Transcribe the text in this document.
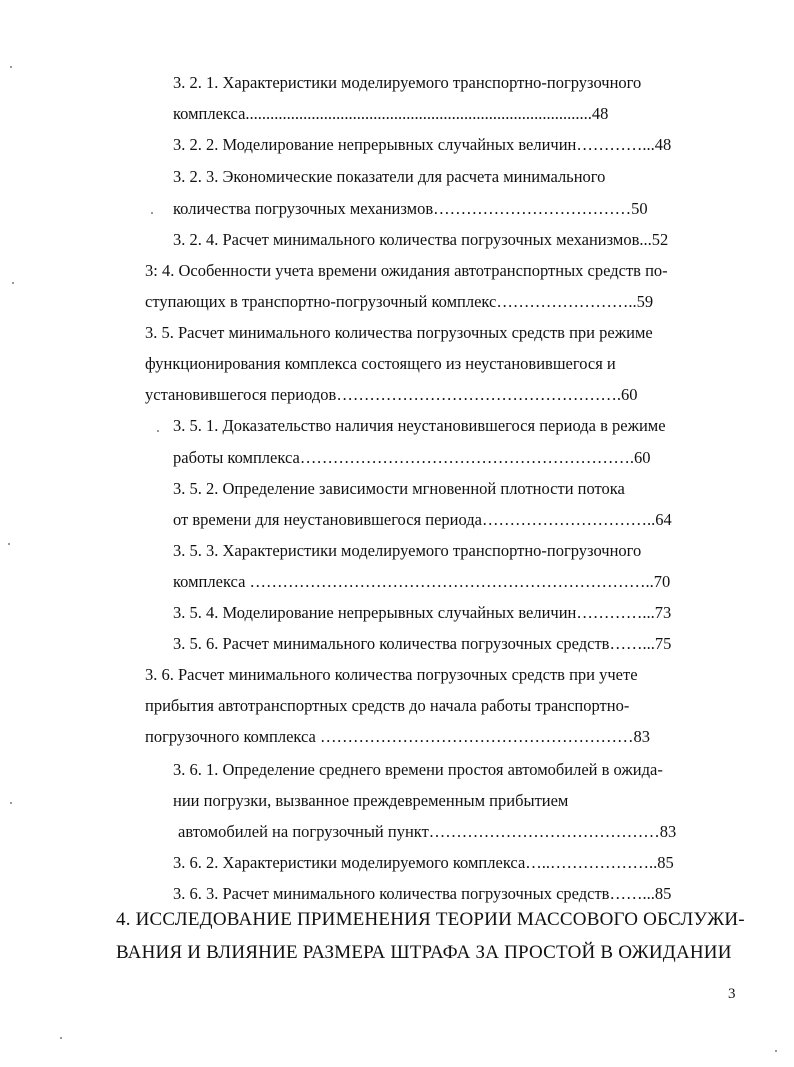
3. 2. 1. Характеристики моделируемого транспортно-погрузочного
комплекса....................................................................................48
3. 2. 2. Моделирование непрерывных случайных величин…………...48
3. 2. 3. Экономические показатели для расчета минимального
количества погрузочных механизмов………………………………50
3. 2. 4. Расчет минимального количества погрузочных механизмов...52
3: 4. Особенности учета времени ожидания автотранспортных средств по-
ступающих в транспортно-погрузочный комплекс……………………..59
3. 5. Расчет минимального количества погрузочных средств при режиме
функционирования комплекса состоящего из неустановившегося и
установившегося периодов…………………………………………….60
3. 5. 1. Доказательство наличия неустановившегося периода в режиме
работы комплекса…………………………………………………….60
3. 5. 2. Определение зависимости мгновенной плотности потока
от времени для неустановившегося периода…………………………..64
3. 5. 3. Характеристики моделируемого транспортно-погрузочного
комплекса ………………………………………………………………..70
3. 5. 4. Моделирование непрерывных случайных величин…………...73
3. 5. 6. Расчет минимального количества погрузочных средств……...75
3. 6. Расчет минимального количества погрузочных средств при учете
прибытия автотранспортных средств до начала работы транспортно-
погрузочного комплекса …………………………………………………83
3. 6. 1. Определение среднего времени простоя автомобилей в ожида-
нии погрузки, вызванное преждевременным прибытием
автомобилей на погрузочный пункт……………………………………83
3. 6. 2. Характеристики моделируемого комплекса…..………………..85
3. 6. 3. Расчет минимального количества погрузочных средств……...85
4. ИССЛЕДОВАНИЕ ПРИМЕНЕНИЯ ТЕОРИИ МАССОВОГО ОБСЛУЖИ-
ВАНИЯ И ВЛИЯНИЕ РАЗМЕРА ШТРАФА ЗА ПРОСТОЙ В ОЖИДАНИИ
3
